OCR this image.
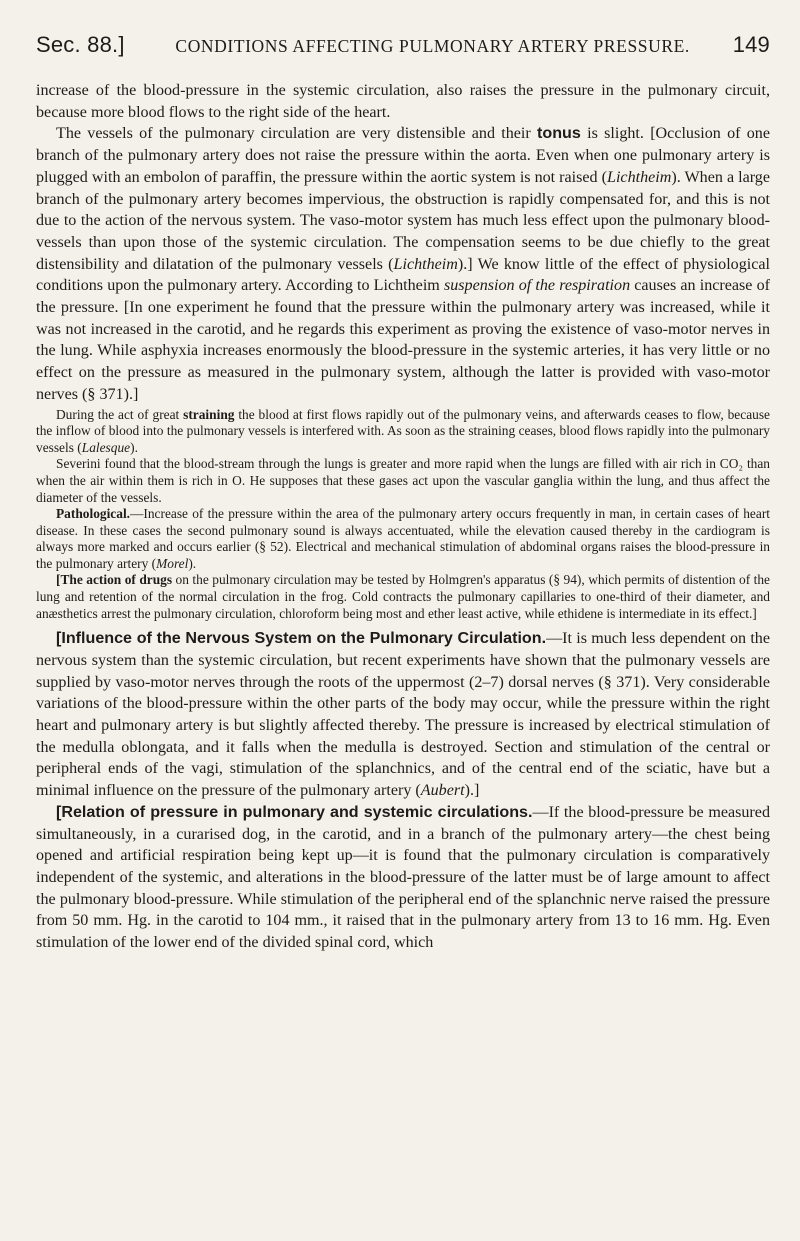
Sec. 88.]	CONDITIONS AFFECTING PULMONARY ARTERY PRESSURE.	149

increase of the blood-pressure in the systemic circulation, also raises the pressure in the pulmonary circuit, because more blood flows to the right side of the heart.

The vessels of the pulmonary circulation are very distensible and their tonus is slight. [Occlusion of one branch of the pulmonary artery does not raise the pressure within the aorta. Even when one pulmonary artery is plugged with an embolon of paraffin, the pressure within the aortic system is not raised (Lichtheim). When a large branch of the pulmonary artery becomes impervious, the obstruction is rapidly compensated for, and this is not due to the action of the nervous system. The vaso-motor system has much less effect upon the pulmonary blood-vessels than upon those of the systemic circulation. The compensation seems to be due chiefly to the great distensibility and dilatation of the pulmonary vessels (Lichtheim).] We know little of the effect of physiological conditions upon the pulmonary artery. According to Lichtheim suspension of the respiration causes an increase of the pressure. [In one experiment he found that the pressure within the pulmonary artery was increased, while it was not increased in the carotid, and he regards this experiment as proving the existence of vaso-motor nerves in the lung. While asphyxia increases enormously the blood-pressure in the systemic arteries, it has very little or no effect on the pressure as measured in the pulmonary system, although the latter is provided with vaso-motor nerves (§ 371).]

During the act of great straining the blood at first flows rapidly out of the pulmonary veins, and afterwards ceases to flow, because the inflow of blood into the pulmonary vessels is interfered with. As soon as the straining ceases, blood flows rapidly into the pulmonary vessels (Lalesque).

Severini found that the blood-stream through the lungs is greater and more rapid when the lungs are filled with air rich in CO₂ than when the air within them is rich in O. He supposes that these gases act upon the vascular ganglia within the lung, and thus affect the diameter of the vessels.

Pathological.—Increase of the pressure within the area of the pulmonary artery occurs frequently in man, in certain cases of heart disease. In these cases the second pulmonary sound is always accentuated, while the elevation caused thereby in the cardiogram is always more marked and occurs earlier (§ 52). Electrical and mechanical stimulation of abdominal organs raises the blood-pressure in the pulmonary artery (Morel).

[The action of drugs on the pulmonary circulation may be tested by Holmgren's apparatus (§ 94), which permits of distention of the lung and retention of the normal circulation in the frog. Cold contracts the pulmonary capillaries to one-third of their diameter, and anæsthetics arrest the pulmonary circulation, chloroform being most and ether least active, while ethidene is intermediate in its effect.]

[Influence of the Nervous System on the Pulmonary Circulation.—It is much less dependent on the nervous system than the systemic circulation, but recent experiments have shown that the pulmonary vessels are supplied by vaso-motor nerves through the roots of the uppermost (2–7) dorsal nerves (§ 371). Very considerable variations of the blood-pressure within the other parts of the body may occur, while the pressure within the right heart and pulmonary artery is but slightly affected thereby. The pressure is increased by electrical stimulation of the medulla oblongata, and it falls when the medulla is destroyed. Section and stimulation of the central or peripheral ends of the vagi, stimulation of the splanchnics, and of the central end of the sciatic, have but a minimal influence on the pressure of the pulmonary artery (Aubert).]

[Relation of pressure in pulmonary and systemic circulations.—If the blood-pressure be measured simultaneously, in a curarised dog, in the carotid, and in a branch of the pulmonary artery—the chest being opened and artificial respiration being kept up—it is found that the pulmonary circulation is comparatively independent of the systemic, and alterations in the blood-pressure of the latter must be of large amount to affect the pulmonary blood-pressure. While stimulation of the peripheral end of the splanchnic nerve raised the pressure from 50 mm. Hg. in the carotid to 104 mm., it raised that in the pulmonary artery from 13 to 16 mm. Hg. Even stimulation of the lower end of the divided spinal cord, which
